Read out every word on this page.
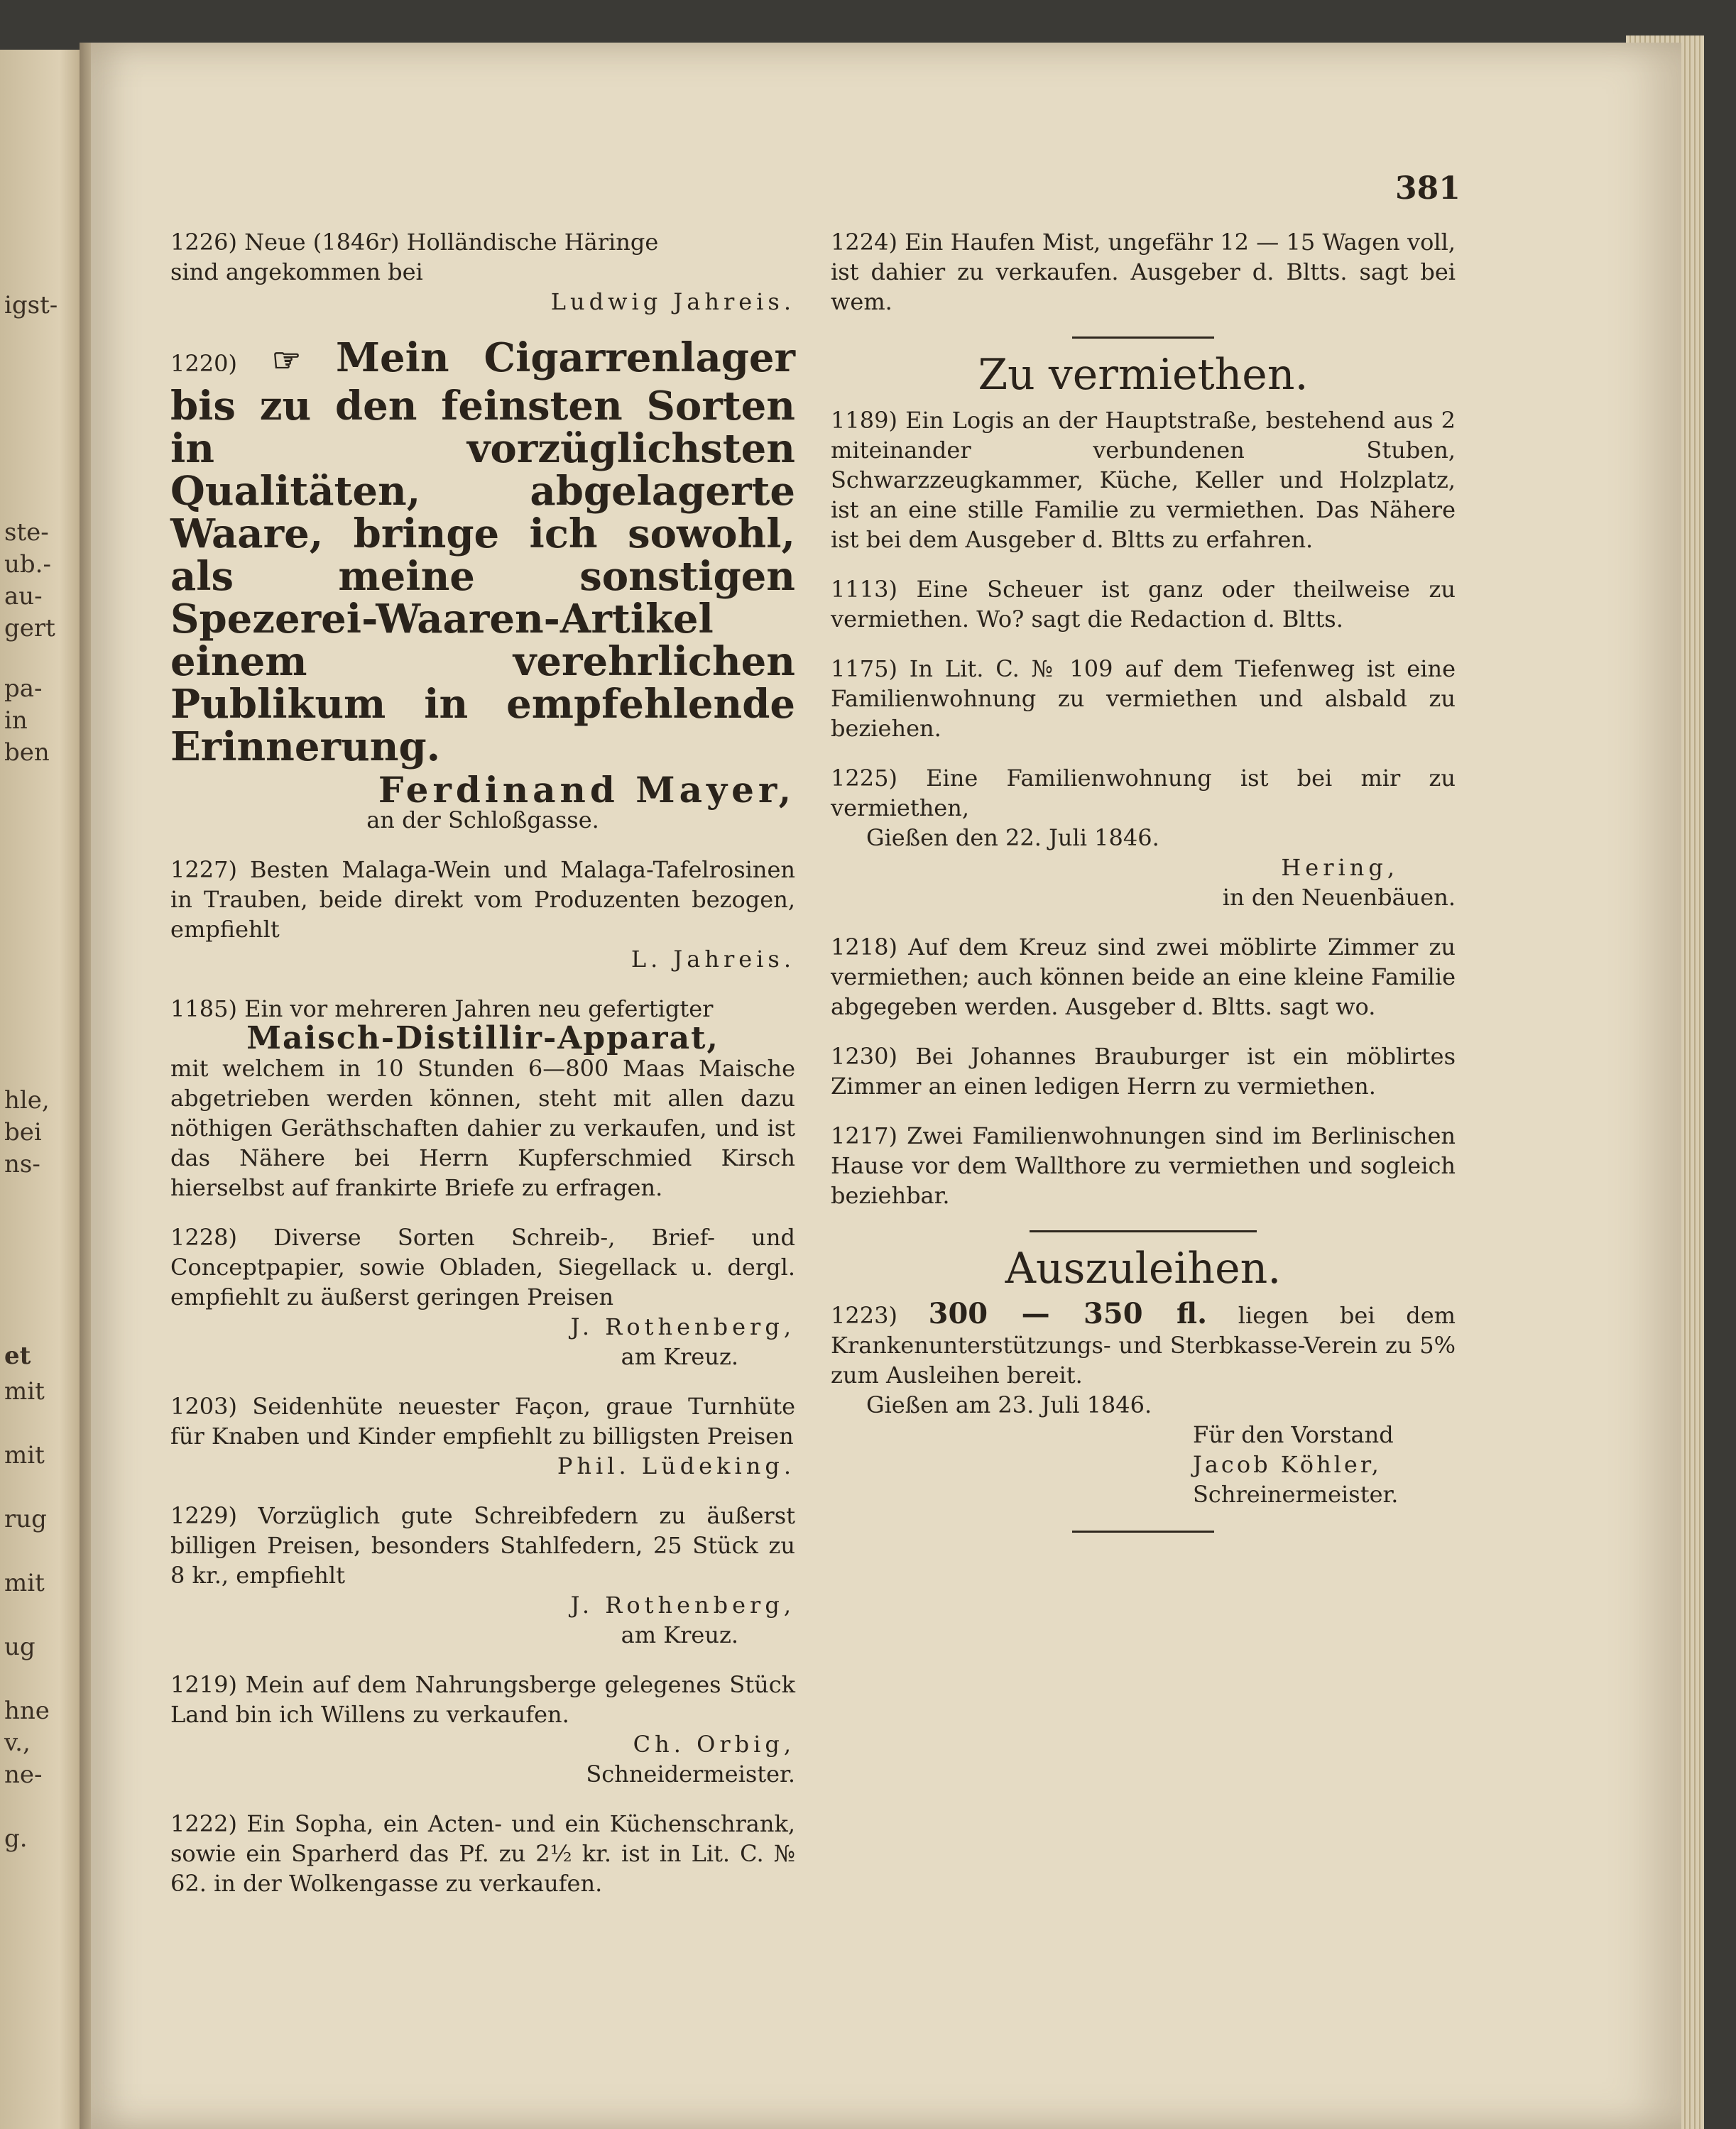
igst-
ste-
ub.-
au-
gert
pa-
in
ben
hle,
bei
ns-
et
mit
mit
rug
mit
ug
hne
v.,
ne-
g.
381
1226) Neue (1846r) Holländische Häringe
sind angekommen bei
Ludwig Jahreis.
1220) ☞ Mein Cigarrenlager bis zu den feinsten Sorten in vorzüglichsten Qualitäten, abgelagerte Waare, bringe ich sowohl, als meine sonstigen Spezerei-Waaren-Artikel einem verehrlichen Publikum in empfehlende Erinnerung.
Ferdinand Mayer,
an der Schloßgasse.
1227) Besten Malaga-Wein und Malaga-Tafelrosinen in Trauben, beide direkt vom Produzenten bezogen, empfiehlt
L. Jahreis.
1185) Ein vor mehreren Jahren neu gefertigter
Maisch-Distillir-Apparat,
mit welchem in 10 Stunden 6—800 Maas Maische abgetrieben werden können, steht mit allen dazu nöthigen Geräthschaften dahier zu verkaufen, und ist das Nähere bei Herrn Kupferschmied Kirsch hierselbst auf frankirte Briefe zu erfragen.
1228) Diverse Sorten Schreib-, Brief- und Conceptpapier, sowie Obladen, Siegellack u. dergl. empfiehlt zu äußerst geringen Preisen
J. Rothenberg,
am Kreuz.
1203) Seidenhüte neuester Façon, graue Turnhüte für Knaben und Kinder empfiehlt zu billigsten Preisen
Phil. Lüdeking.
1229) Vorzüglich gute Schreibfedern zu äußerst billigen Preisen, besonders Stahlfedern, 25 Stück zu 8 kr., empfiehlt
J. Rothenberg,
am Kreuz.
1219) Mein auf dem Nahrungsberge gelegenes Stück Land bin ich Willens zu verkaufen.
Ch. Orbig,
Schneidermeister.
1222) Ein Sopha, ein Acten- und ein Küchenschrank, sowie ein Sparherd das Pf. zu 2½ kr. ist in Lit. C. № 62. in der Wolkengasse zu verkaufen.
1224) Ein Haufen Mist, ungefähr 12 — 15 Wagen voll, ist dahier zu verkaufen. Ausgeber d. Bltts. sagt bei wem.
Zu vermiethen.
1189) Ein Logis an der Hauptstraße, bestehend aus 2 miteinander verbundenen Stuben, Schwarzzeugkammer, Küche, Keller und Holzplatz, ist an eine stille Familie zu vermiethen. Das Nähere ist bei dem Ausgeber d. Bltts zu erfahren.
1113) Eine Scheuer ist ganz oder theilweise zu vermiethen. Wo? sagt die Redaction d. Bltts.
1175) In Lit. C. № 109 auf dem Tiefenweg ist eine Familienwohnung zu vermiethen und alsbald zu beziehen.
1225) Eine Familienwohnung ist bei mir zu vermiethen,
Gießen den 22. Juli 1846.
Hering,
in den Neuenbäuen.
1218) Auf dem Kreuz sind zwei möblirte Zimmer zu vermiethen; auch können beide an eine kleine Familie abgegeben werden. Ausgeber d. Bltts. sagt wo.
1230) Bei Johannes Brauburger ist ein möblirtes Zimmer an einen ledigen Herrn zu vermiethen.
1217) Zwei Familienwohnungen sind im Berlinischen Hause vor dem Wallthore zu vermiethen und sogleich beziehbar.
Auszuleihen.
1223) 300 — 350 fl. liegen bei dem Krankenunterstützungs- und Sterbkasse-Verein zu 5% zum Ausleihen bereit.
Gießen am 23. Juli 1846.
Für den Vorstand
Jacob Köhler,
Schreinermeister.
